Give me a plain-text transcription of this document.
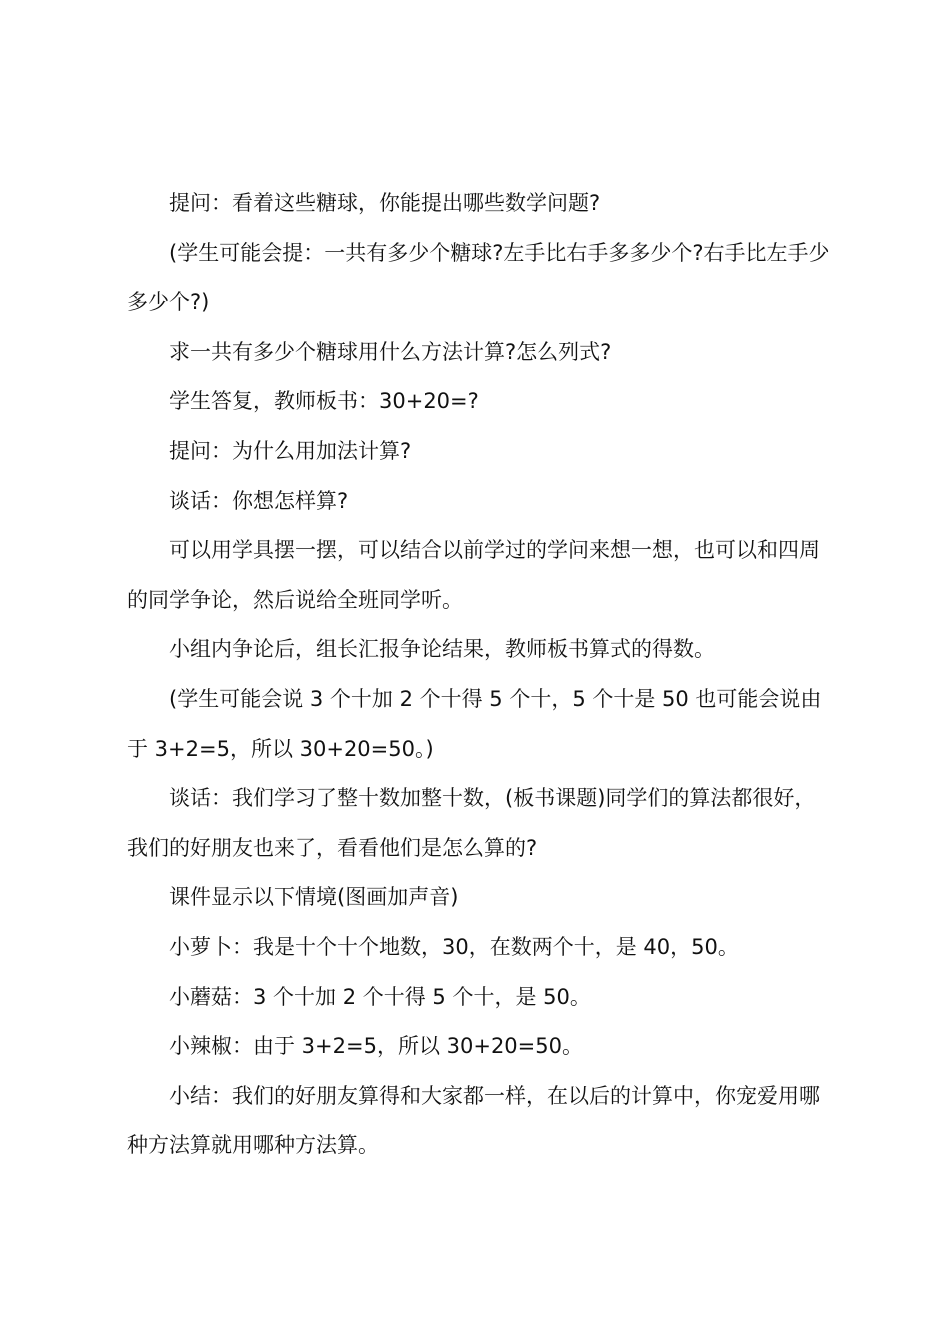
提问：看着这些糖球，你能提出哪些数学问题?

(学生可能会提：一共有多少个糖球?左手比右手多多少个?右手比左手少多少个?)

求一共有多少个糖球用什么方法计算?怎么列式?

学生答复，教师板书：30+20=?

提问：为什么用加法计算?

谈话：你想怎样算?

可以用学具摆一摆，可以结合以前学过的学问来想一想，也可以和四周的同学争论，然后说给全班同学听。

小组内争论后，组长汇报争论结果，教师板书算式的得数。

(学生可能会说 3 个十加 2 个十得 5 个十，5 个十是 50 也可能会说由于 3+2=5，所以 30+20=50。)

谈话：我们学习了整十数加整十数，(板书课题)同学们的算法都很好，我们的好朋友也来了，看看他们是怎么算的?

课件显示以下情境(图画加声音)

小萝卜：我是十个十个地数，30，在数两个十，是 40，50。

小蘑菇：3 个十加 2 个十得 5 个十，是 50。

小辣椒：由于 3+2=5，所以 30+20=50。

小结：我们的好朋友算得和大家都一样，在以后的计算中，你宠爱用哪种方法算就用哪种方法算。
